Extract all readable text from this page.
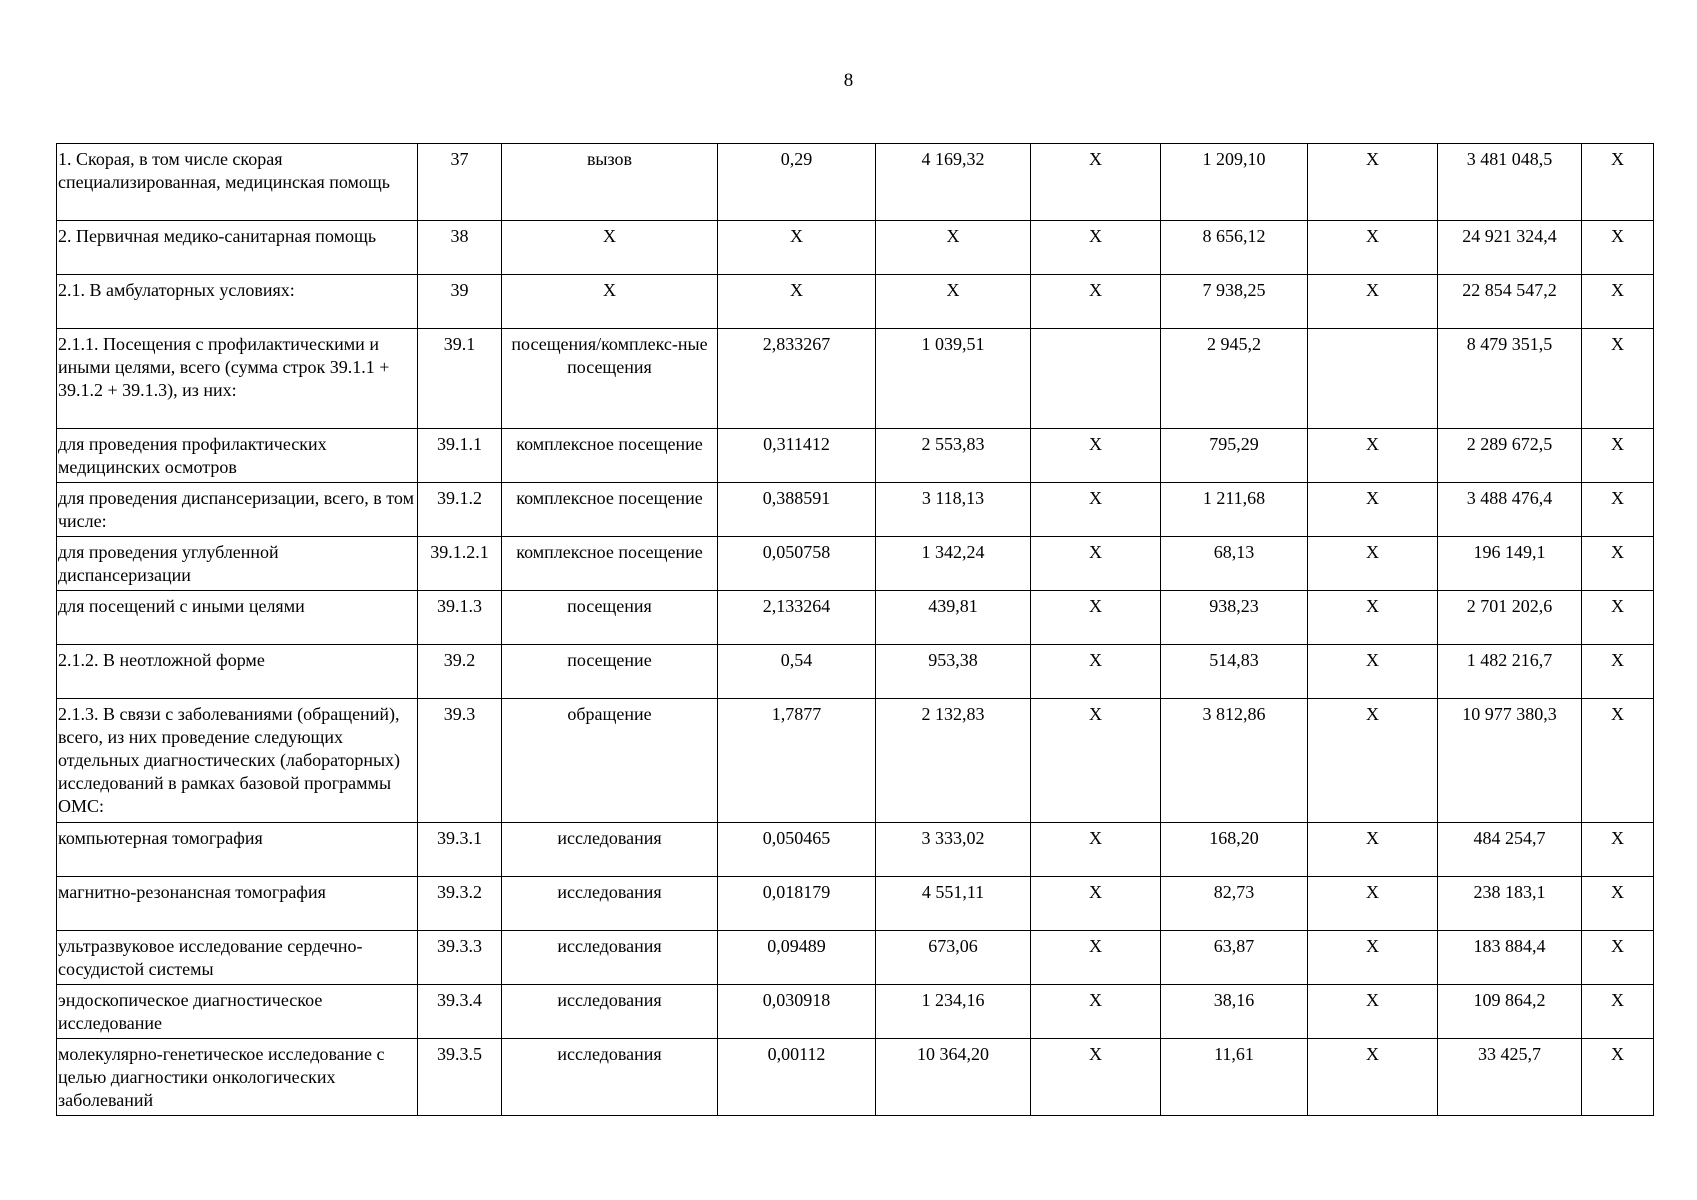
8
1. Скорая, в том числе скорая специализированная, медицинская помощь	37	вызов	0,29	4 169,32	X	1 209,10	X	3 481 048,5	X
2. Первичная медико-санитарная помощь	38	X	X	X	X	8 656,12	X	24 921 324,4	X
2.1. В амбулаторных условиях:	39	X	X	X	X	7 938,25	X	22 854 547,2	X
2.1.1. Посещения с профилактическими и иными целями, всего (сумма строк 39.1.1 + 39.1.2 + 39.1.3), из них:	39.1	посещения/комплекс-ные посещения	2,833267	1 039,51		2 945,2		8 479 351,5	X
для проведения профилактических медицинских осмотров	39.1.1	комплексное посещение	0,311412	2 553,83	X	795,29	X	2 289 672,5	X
для проведения диспансеризации, всего, в том числе:	39.1.2	комплексное посещение	0,388591	3 118,13	X	1 211,68	X	3 488 476,4	X
для проведения углубленной диспансеризации	39.1.2.1	комплексное посещение	0,050758	1 342,24	X	68,13	X	196 149,1	X
для посещений с иными целями	39.1.3	посещения	2,133264	439,81	X	938,23	X	2 701 202,6	X
2.1.2. В неотложной форме	39.2	посещение	0,54	953,38	X	514,83	X	1 482 216,7	X
2.1.3. В связи с заболеваниями (обращений), всего, из них проведение следующих отдельных диагностических (лабораторных) исследований в рамках базовой программы ОМС:	39.3	обращение	1,7877	2 132,83	X	3 812,86	X	10 977 380,3	X
компьютерная томография	39.3.1	исследования	0,050465	3 333,02	X	168,20	X	484 254,7	X
магнитно-резонансная томография	39.3.2	исследования	0,018179	4 551,11	X	82,73	X	238 183,1	X
ультразвуковое исследование сердечно-сосудистой системы	39.3.3	исследования	0,09489	673,06	X	63,87	X	183 884,4	X
эндоскопическое диагностическое исследование	39.3.4	исследования	0,030918	1 234,16	X	38,16	X	109 864,2	X
молекулярно-генетическое исследование с целью диагностики онкологических заболеваний	39.3.5	исследования	0,00112	10 364,20	X	11,61	X	33 425,7	X
